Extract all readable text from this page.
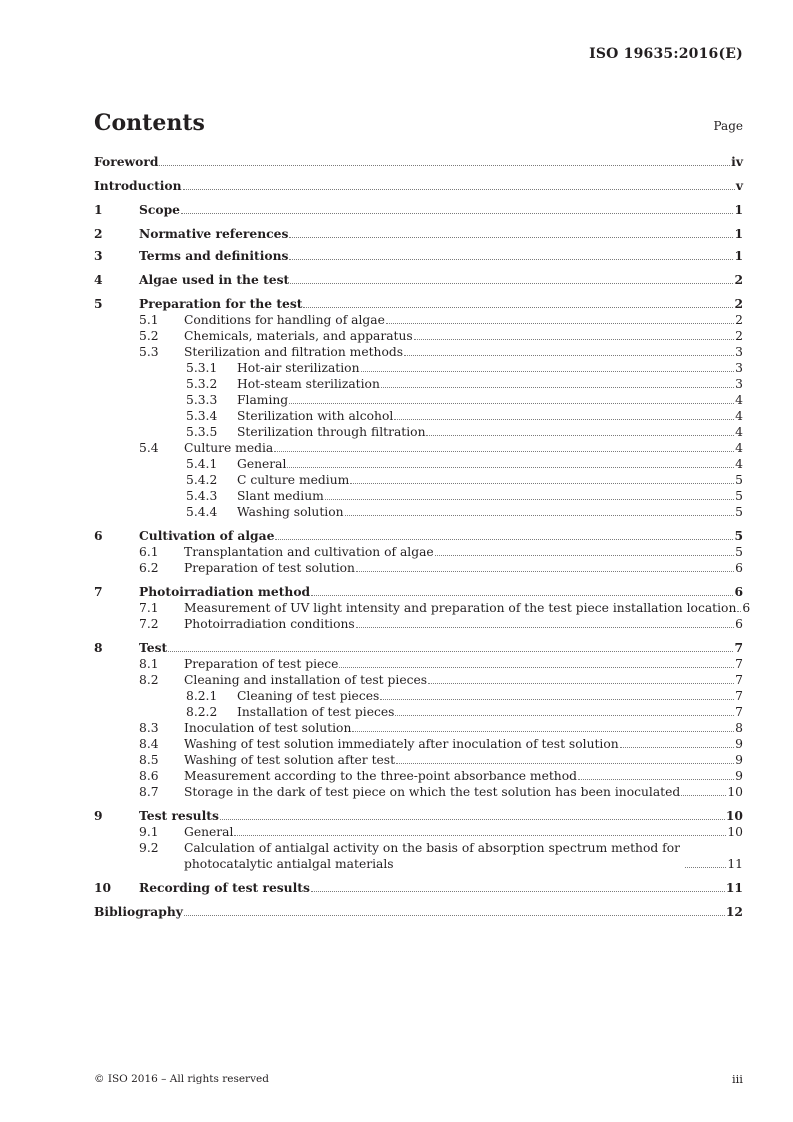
ISO 19635:2016(E)
Contents	Page
Foreword	iv
Introduction	v
1	Scope	1
2	Normative references	1
3	Terms and definitions	1
4	Algae used in the test	2
5	Preparation for the test	2
5.1 Conditions for handling of algae	2
5.2 Chemicals, materials, and apparatus	2
5.3 Sterilization and filtration methods	3
5.3.1 Hot-air sterilization	3
5.3.2 Hot-steam sterilization	3
5.3.3 Flaming	4
5.3.4 Sterilization with alcohol	4
5.3.5 Sterilization through filtration	4
5.4 Culture media	4
5.4.1 General	4
5.4.2 C culture medium	5
5.4.3 Slant medium	5
5.4.4 Washing solution	5
6	Cultivation of algae	5
6.1 Transplantation and cultivation of algae	5
6.2 Preparation of test solution	6
7	Photoirradiation method	6
7.1 Measurement of UV light intensity and preparation of the test piece installation location 6
7.2 Photoirradiation conditions	6
8	Test	7
8.1 Preparation of test piece	7
8.2 Cleaning and installation of test pieces	7
8.2.1 Cleaning of test pieces	7
8.2.2 Installation of test pieces	7
8.3 Inoculation of test solution	8
8.4 Washing of test solution immediately after inoculation of test solution	9
8.5 Washing of test solution after test	9
8.6 Measurement according to the three-point absorbance method	9
8.7 Storage in the dark of test piece on which the test solution has been inoculated	10
9	Test results	10
9.1 General	10
9.2 Calculation of antialgal activity on the basis of absorption spectrum method for photocatalytic antialgal materials	11
10 Recording of test results	11
Bibliography	12
© ISO 2016 – All rights reserved	iii
